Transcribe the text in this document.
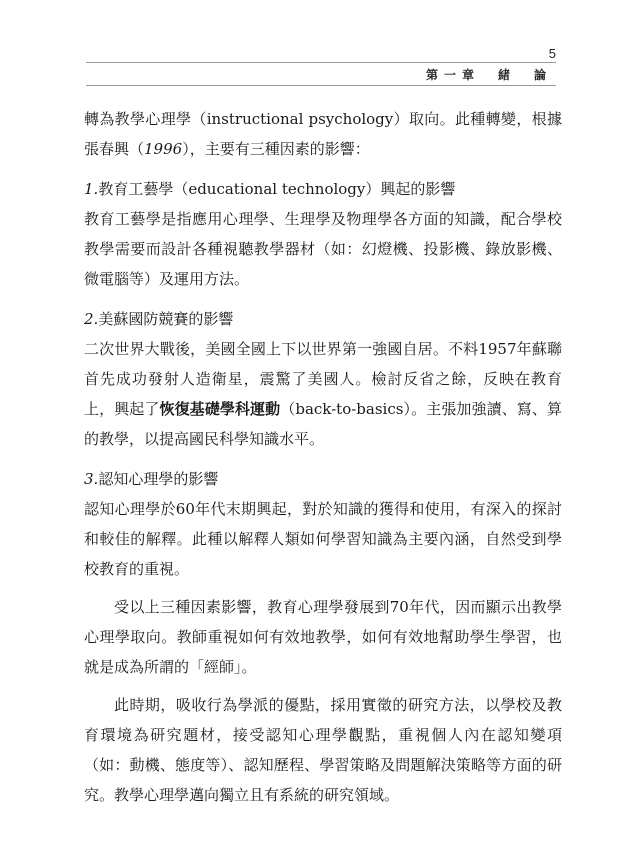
5
第一章　緒　論

轉為教學心理學（instructional psychology）取向。此種轉變，根據張春興（1996），主要有三種因素的影響：

1.教育工藝學（educational technology）興起的影響

教育工藝學是指應用心理學、生理學及物理學各方面的知識，配合學校教學需要而設計各種視聽教學器材（如：幻燈機、投影機、錄放影機、微電腦等）及運用方法。

2.美蘇國防競賽的影響

二次世界大戰後，美國全國上下以世界第一強國自居。不料1957年蘇聯首先成功發射人造衛星，震驚了美國人。檢討反省之餘，反映在教育上，興起了恢復基礎學科運動（back-to-basics）。主張加強讀、寫、算的教學，以提高國民科學知識水平。

3.認知心理學的影響

認知心理學於60年代末期興起，對於知識的獲得和使用，有深入的探討和較佳的解釋。此種以解釋人類如何學習知識為主要內涵，自然受到學校教育的重視。

受以上三種因素影響，教育心理學發展到70年代，因而顯示出教學心理學取向。教師重視如何有效地教學，如何有效地幫助學生學習，也就是成為所謂的「經師」。

此時期，吸收行為學派的優點，採用實徵的研究方法，以學校及教育環境為研究題材，接受認知心理學觀點，重視個人內在認知變項（如：動機、態度等）、認知歷程、學習策略及問題解決策略等方面的研究。教學心理學邁向獨立且有系統的研究領域。
